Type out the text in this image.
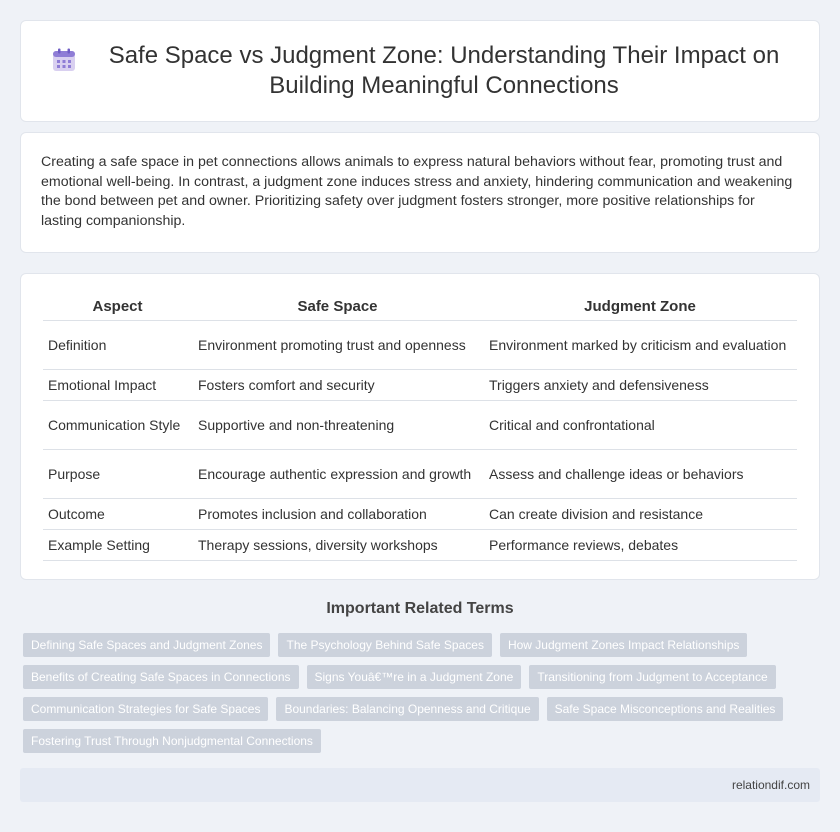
Safe Space vs Judgment Zone: Understanding Their Impact on Building Meaningful Connections

Creating a safe space in pet connections allows animals to express natural behaviors without fear, promoting trust and emotional well-being. In contrast, a judgment zone induces stress and anxiety, hindering communication and weakening the bond between pet and owner. Prioritizing safety over judgment fosters stronger, more positive relationships for lasting companionship.

Aspect	Safe Space	Judgment Zone
Definition	Environment promoting trust and openness	Environment marked by criticism and evaluation
Emotional Impact	Fosters comfort and security	Triggers anxiety and defensiveness
Communication Style	Supportive and non-threatening	Critical and confrontational
Purpose	Encourage authentic expression and growth	Assess and challenge ideas or behaviors
Outcome	Promotes inclusion and collaboration	Can create division and resistance
Example Setting	Therapy sessions, diversity workshops	Performance reviews, debates
Important Related Terms
Defining Safe Spaces and Judgment Zones	The Psychology Behind Safe Spaces	How Judgment Zones Impact Relationships
Benefits of Creating Safe Spaces in Connections	Signs Youâ€™re in a Judgment Zone	Transitioning from Judgment to Acceptance
Communication Strategies for Safe Spaces	Boundaries: Balancing Openness and Critique	Safe Space Misconceptions and Realities
Fostering Trust Through Nonjudgmental Connections
relationdif.com
